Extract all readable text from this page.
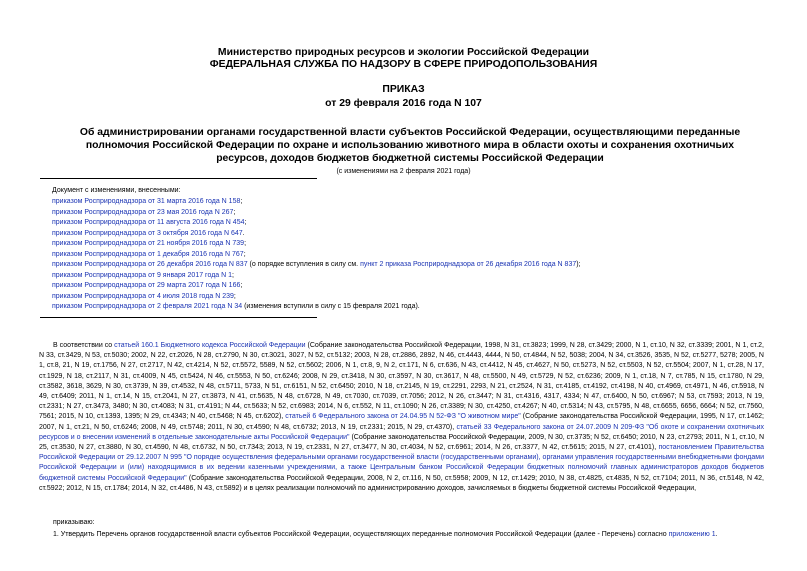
Министерство природных ресурсов и экологии Российской Федерации
ФЕДЕРАЛЬНАЯ СЛУЖБА ПО НАДЗОРУ В СФЕРЕ ПРИРОДОПОЛЬЗОВАНИЯ
ПРИКАЗ
от 29 февраля 2016 года N 107
Об администрировании органами государственной власти субъектов Российской Федерации, осуществляющими переданные полномочия Российской Федерации по охране и использованию животного мира в области охоты и сохранения охотничьих ресурсов, доходов бюджетов бюджетной системы Российской Федерации
(с изменениями на 2 февраля 2021 года)
Документ с изменениями, внесенными:
приказом Росприроднадзора от 31 марта 2016 года N 158;
приказом Росприроднадзора от 23 мая 2016 года N 267;
приказом Росприроднадзора от 11 августа 2016 года N 454;
приказом Росприроднадзора от 3 октября 2016 года N 647.
приказом Росприроднадзора от 21 ноября 2016 года N 739;
приказом Росприроднадзора от 1 декабря 2016 года N 767;
приказом Росприроднадзора от 26 декабря 2016 года N 837 (о порядке вступления в силу см. пункт 2 приказа Росприроднадзора от 26 декабря 2016 года N 837);
приказом Росприроднадзора от 9 января 2017 года N 1;
приказом Росприроднадзора от 29 марта 2017 года N 166;
приказом Росприроднадзора от 4 июля 2018 года N 239;
приказом Росприроднадзора от 2 февраля 2021 года N 34 (изменения вступили в силу с 15 февраля 2021 года).

В соответствии со статьей 160.1 Бюджетного кодекса Российской Федерации (Собрание законодательства Российской Федерации, 1998, N 31, ст.3823; 1999, N 28, ст.3429; 2000, N 1, ст.10, N 32, ст.3339; 2001, N 1, ст.2, N 33, ст.3429, N 53, ст.5030; 2002, N 22, ст.2026, N 28, ст.2790, N 30, ст.3021, 3027, N 52, ст.5132; 2003, N 28, ст.2886, 2892, N 46, ст.4443, 4444, N 50, ст.4844, N 52, 5038; 2004, N 34, ст.3526, 3535, N 52, ст.5277, 5278; 2005, N 1, ст.8, 21, N 19, ст.1756, N 27, ст.2717, N 42, ст.4214, N 52, ст.5572, 5589, N 52, ст.5602; 2006, N 1, ст.8, 9, N 2, ст.171, N 6, ст.636, N 43, ст.4412, N 45, ст.4627, N 50, ст.5273, N 52, ст.5503, N 52, ст.5504; 2007, N 1, ст.28, N 17, ст.1929, N 18, ст.2117, N 31, ст.4009, N 45, ст.5424, N 46, ст.5553, N 50, ст.6246; 2008, N 29, ст.3418, N 30, ст.3597, N 30, ст.3617, N 48, ст.5500, N 49, ст.5729, N 52, ст.6236; 2009, N 1, ст.18, N 7, ст.785, N 15, ст.1780, N 29, ст.3582, 3618, 3629, N 30, ст.3739, N 39, ст.4532, N 48, ст.5711, 5733, N 51, ст.6151, N 52, ст.6450; 2010, N 18, ст.2145, N 19, ст.2291, 2293, N 21, ст.2524, N 31, ст.4185, ст.4192, ст.4198, N 40, ст.4969, ст.4971, N 46, ст.5918, N 49, ст.6409; 2011, N 1, ст.14, N 15, ст.2041, N 27, ст.3873, N 41, ст.5635, N 48, ст.6728, N 49, ст.7030, ст.7039, ст.7056; 2012, N 26, ст.3447; N 31, ст.4316, 4317, 4334; N 47, ст.6400, N 50, ст.6967; N 53, ст.7593; 2013, N 19, ст.2331; N 27, ст.3473, 3480; N 30, ст.4083; N 31, ст.4191; N 44, ст.5633; N 52, ст.6983; 2014, N 6, ст.552, N 11, ст.1090; N 26, ст.3389; N 30, ст.4250, ст.4267; N 40, ст.5314; N 43, ст.5795, N 48, ст.6655, 6656, 6664; N 52, ст.7560, 7561; 2015, N 10, ст.1393, 1395; N 29, ст.4343; N 40, ст.5468; N 45, ст.6202), статьей 6 Федерального закона от 24.04.95 N 52-ФЗ "О животном мире" (Собрание законодательства Российской Федерации, 1995, N 17, ст.1462; 2007, N 1, ст.21, N 50, ст.6246; 2008, N 49, ст.5748; 2011, N 30, ст.4590; N 48, ст.6732; 2013, N 19, ст.2331; 2015, N 29, ст.4370), статьей 33 Федерального закона от 24.07.2009 N 209-ФЗ "Об охоте и сохранении охотничьих ресурсов и о внесении изменений в отдельные законодательные акты Российской Федерации" (Собрание законодательства Российской Федерации, 2009, N 30, ст.3735; N 52, ст.6450; 2010, N 23, ст.2793; 2011, N 1, ст.10, N 25, ст.3530, N 27, ст.3880, N 30, ст.4590, N 48, ст.6732, N 50, ст.7343; 2013, N 19, ст.2331, N 27, ст.3477, N 30, ст.4034, N 52, ст.6961; 2014, N 26, ст.3377, N 42, ст.5615; 2015, N 27, ст.4101), постановлением Правительства Российской Федерации от 29.12.2007 N 995 "О порядке осуществления федеральными органами государственной власти (государственными органами), органами управления государственными внебюджетными фондами Российской Федерации и (или) находящимися в их ведении казенными учреждениями, а также Центральным банком Российской Федерации бюджетных полномочий главных администраторов доходов бюджетов бюджетной системы Российской Федерации" (Собрание законодательства Российской Федерации, 2008, N 2, ст.116, N 50, ст.5958; 2009, N 12, ст.1429; 2010, N 38, ст.4825, ст.4835, N 52, ст.7104; 2011, N 36, ст.5148, N 42, ст.5922; 2012, N 15, ст.1784; 2014, N 32, ст.4486, N 43, ст.5892) и в целях реализации полномочий по администрированию доходов, зачисляемых в бюджеты бюджетной системы Российской Федерации,

приказываю:
1. Утвердить Перечень органов государственной власти субъектов Российской Федерации, осуществляющих переданные полномочия Российской Федерации (далее - Перечень) согласно приложению 1.
